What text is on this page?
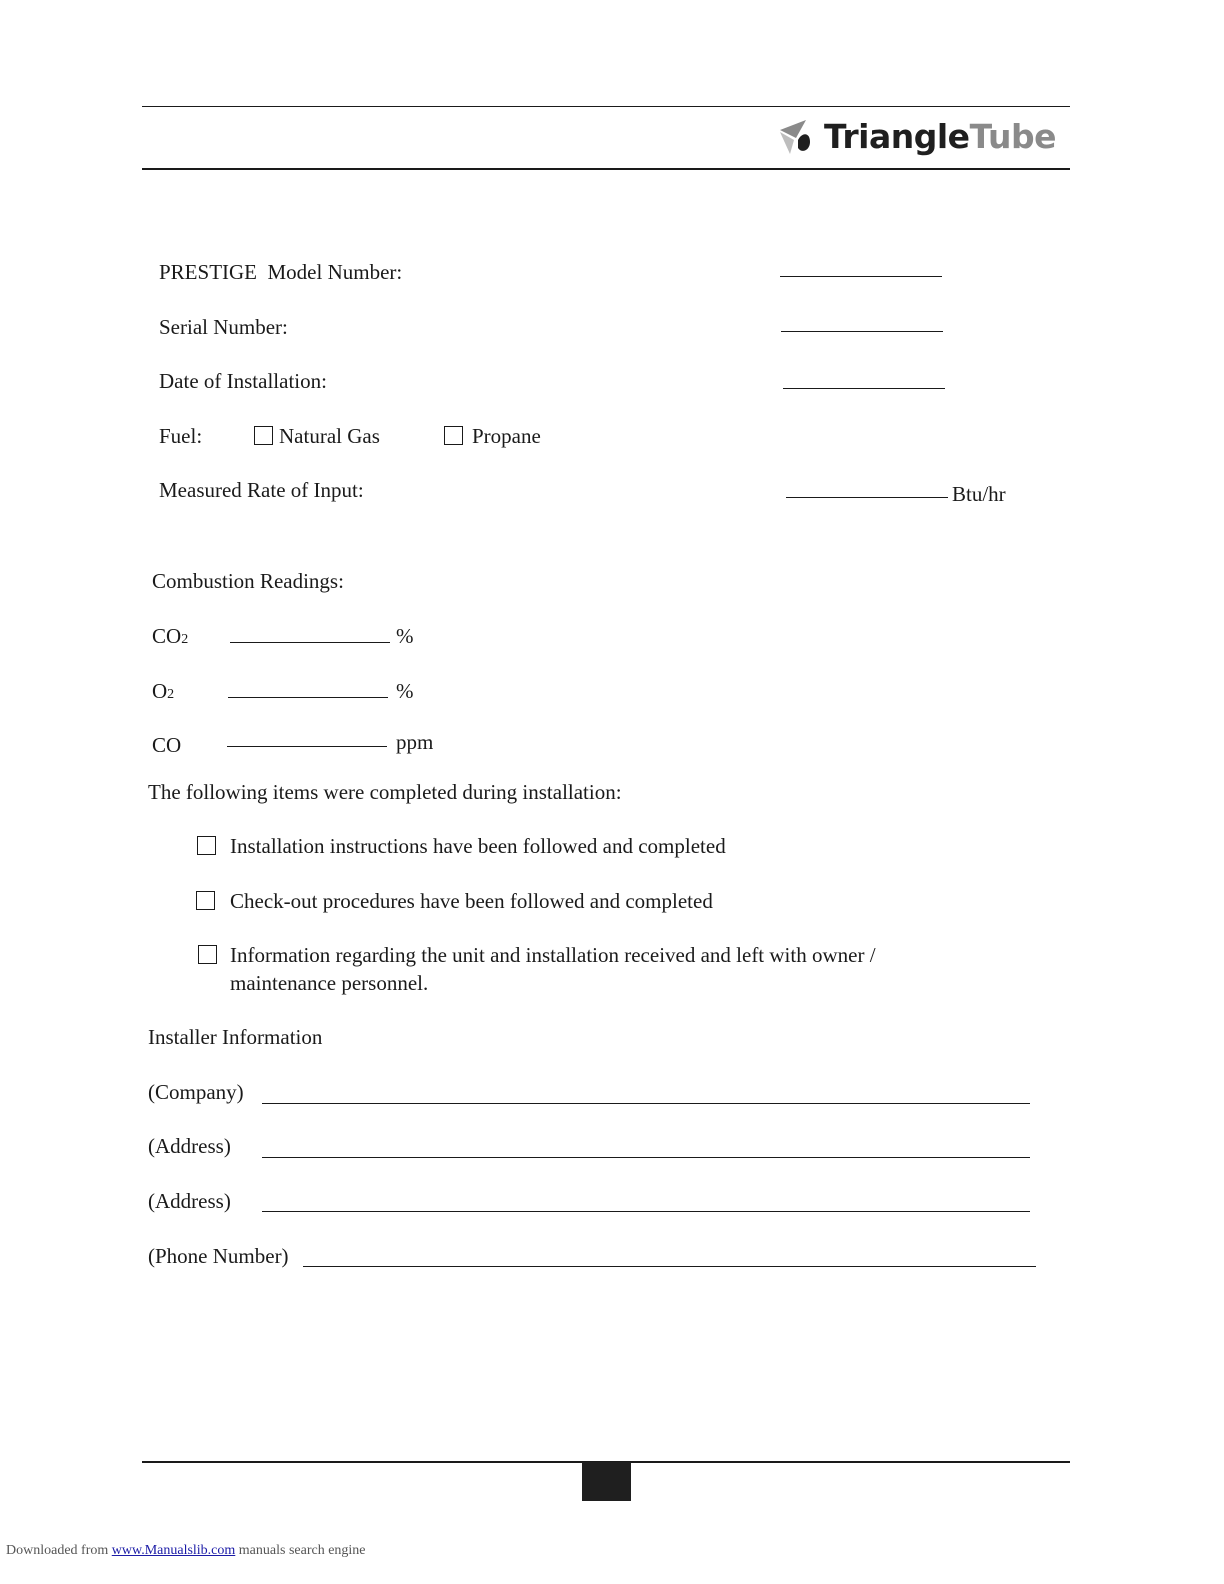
TriangleTube
PRESTIGE  Model Number:
Serial Number:
Date of Installation:
Fuel:	Natural Gas	Propane
Measured Rate of Input:	Btu/hr
Combustion Readings:
CO2	%
O2	%
CO	ppm
The following items were completed during installation:
Installation instructions have been followed and completed
Check-out procedures have been followed and completed
Information regarding the unit and installation received and left with owner /
maintenance personnel.
Installer Information
(Company)
(Address)
(Address)
(Phone Number)
Downloaded from www.Manualslib.com manuals search engine
